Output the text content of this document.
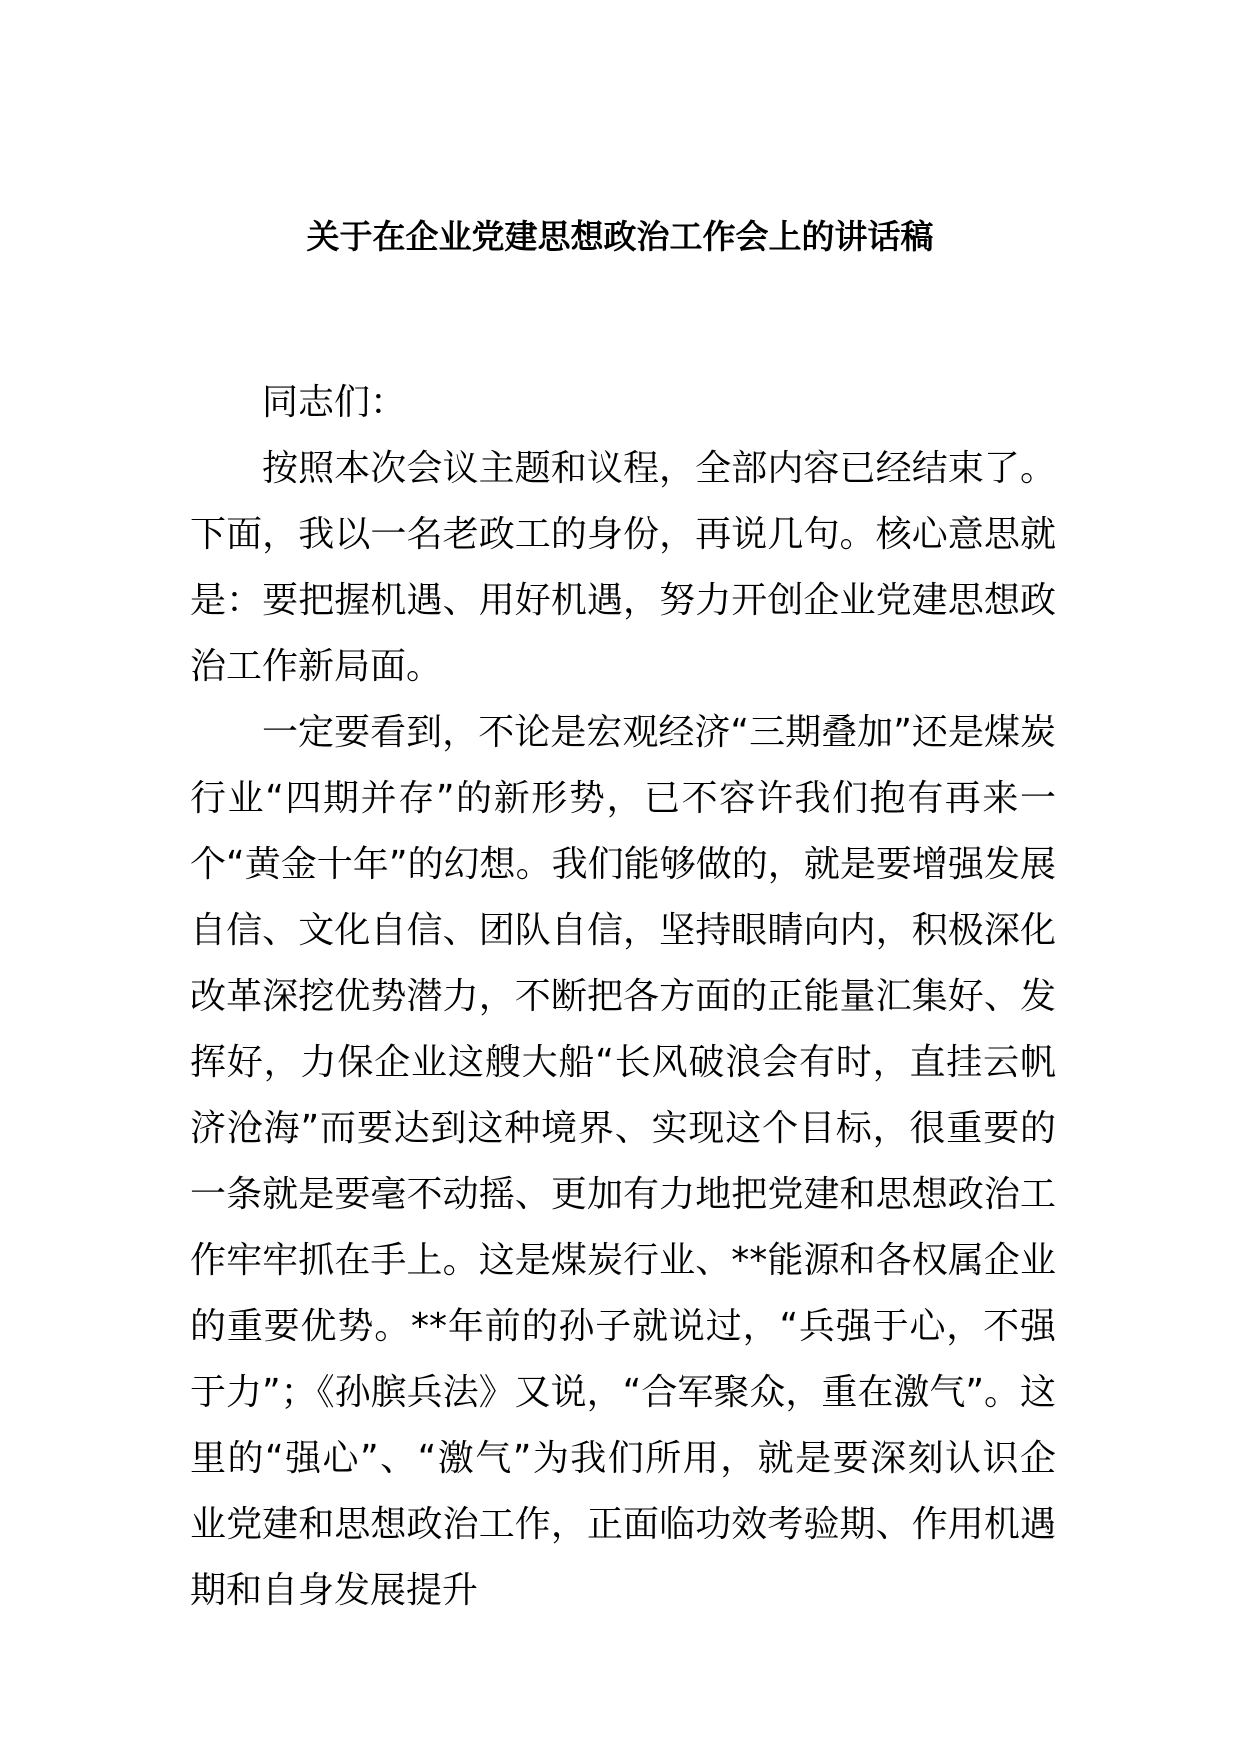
关于在企业党建思想政治工作会上的讲话稿

同志们：

按照本次会议主题和议程，全部内容已经结束了。下面，我以一名老政工的身份，再说几句。核心意思就是：要把握机遇、用好机遇，努力开创企业党建思想政治工作新局面。

一定要看到，不论是宏观经济“三期叠加”还是煤炭行业“四期并存”的新形势，已不容许我们抱有再来一个“黄金十年”的幻想。我们能够做的，就是要增强发展自信、文化自信、团队自信，坚持眼睛向内，积极深化改革深挖优势潜力，不断把各方面的正能量汇集好、发挥好，力保企业这艘大船“长风破浪会有时，直挂云帆济沧海”而要达到这种境界、实现这个目标，很重要的一条就是要毫不动摇、更加有力地把党建和思想政治工作牢牢抓在手上。这是煤炭行业、**能源和各权属企业的重要优势。**年前的孙子就说过，“兵强于心，不强于力”；《孙膑兵法》又说，“合军聚众，重在激气”。这里的“强心”、“激气”为我们所用，就是要深刻认识企业党建和思想政治工作，正面临功效考验期、作用机遇期和自身发展提升
